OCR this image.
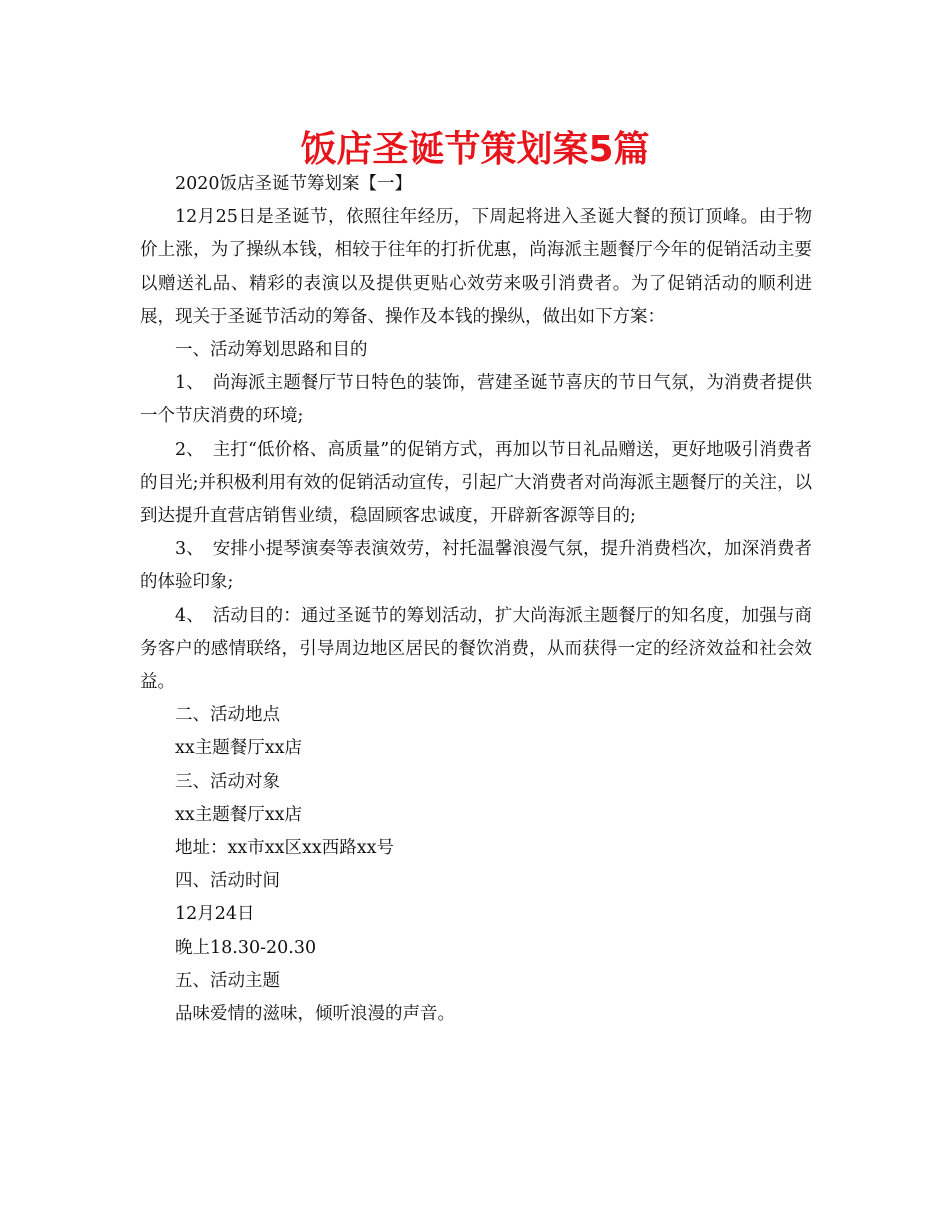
饭店圣诞节策划案5篇

2020饭店圣诞节筹划案【一】

12月25日是圣诞节，依照往年经历，下周起将进入圣诞大餐的预订顶峰。由于物价上涨，为了操纵本钱，相较于往年的打折优惠，尚海派主题餐厅今年的促销活动主要以赠送礼品、精彩的表演以及提供更贴心效劳来吸引消费者。为了促销活动的顺利进展，现关于圣诞节活动的筹备、操作及本钱的操纵，做出如下方案：

一、活动筹划思路和目的

1、　尚海派主题餐厅节日特色的装饰，营建圣诞节喜庆的节日气氛，为消费者提供一个节庆消费的环境;

2、　主打“低价格、高质量”的促销方式，再加以节日礼品赠送，更好地吸引消费者的目光;并积极利用有效的促销活动宣传，引起广大消费者对尚海派主题餐厅的关注，以到达提升直营店销售业绩，稳固顾客忠诚度，开辟新客源等目的;

3、　安排小提琴演奏等表演效劳，衬托温馨浪漫气氛，提升消费档次，加深消费者的体验印象;

4、　活动目的：通过圣诞节的筹划活动，扩大尚海派主题餐厅的知名度，加强与商务客户的感情联络，引导周边地区居民的餐饮消费，从而获得一定的经济效益和社会效益。

二、活动地点

xx主题餐厅xx店

三、活动对象

xx主题餐厅xx店

地址：xx市xx区xx西路xx号

四、活动时间

12月24日

晚上18.30-20.30

五、活动主题

品味爱情的滋味，倾听浪漫的声音。
